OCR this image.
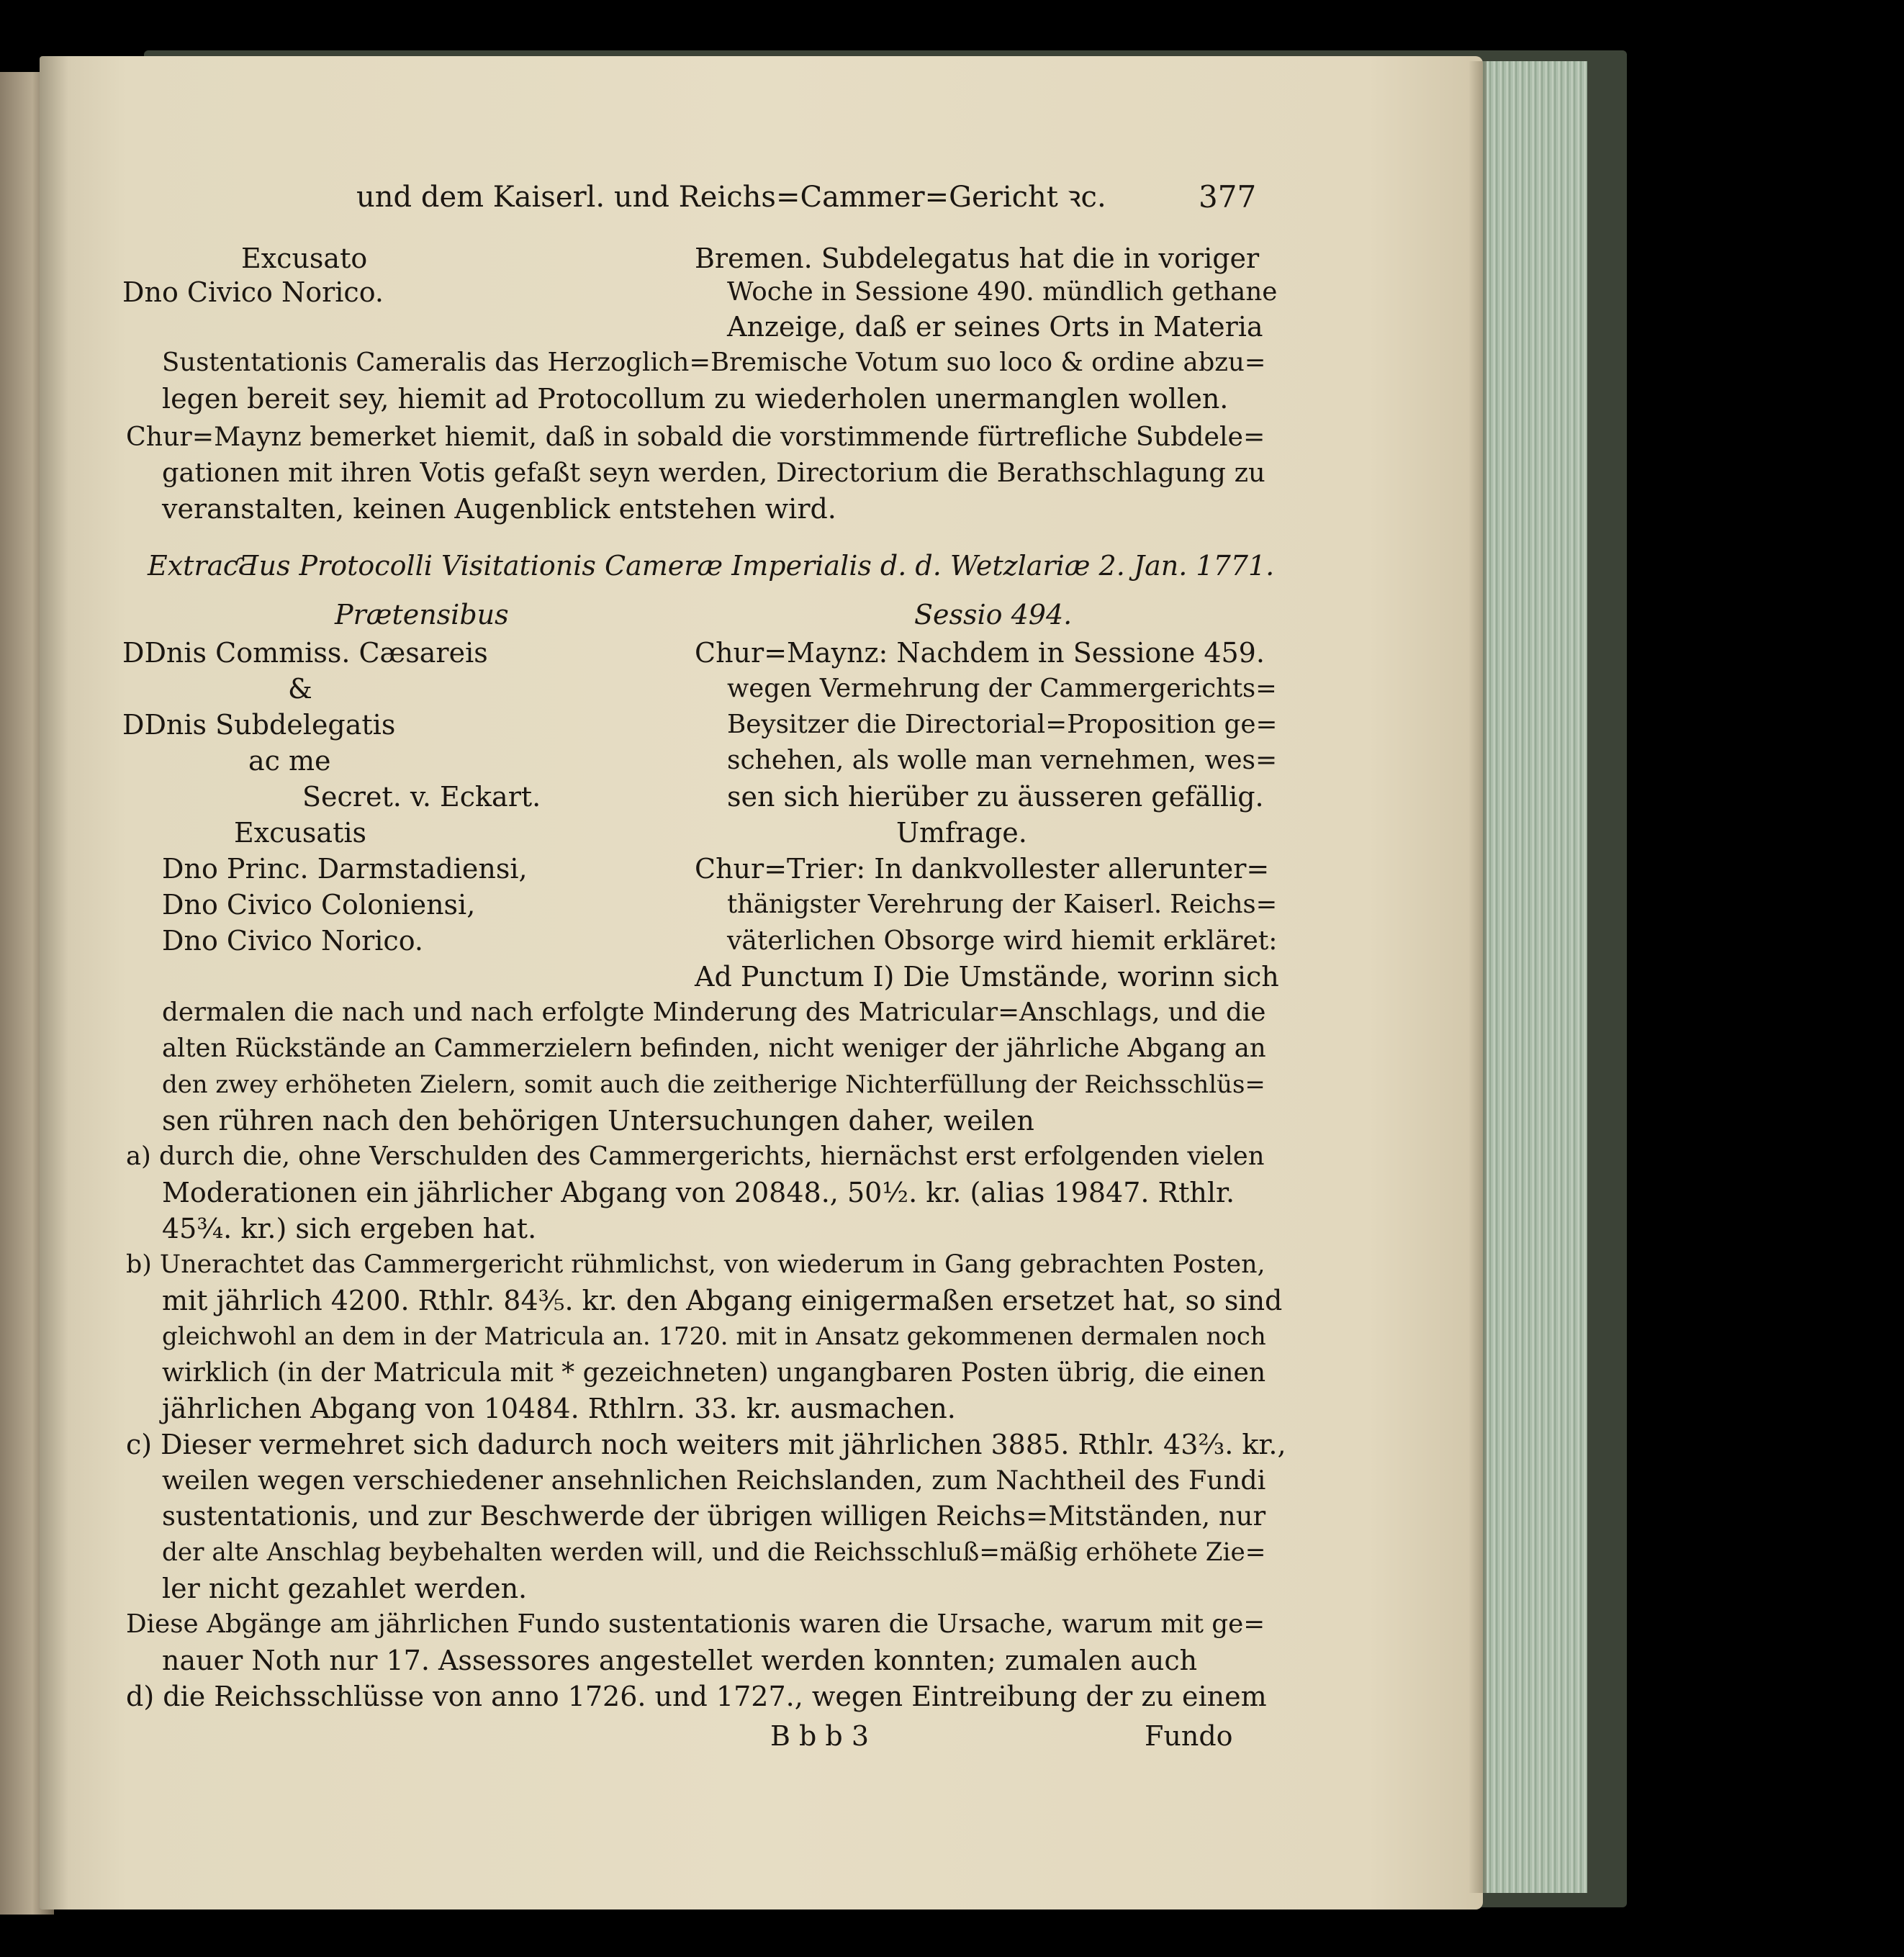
und dem Kaiserl. und Reichs=Cammer=Gericht ꝛc.	377
Excusato
Dno Civico Norico.
Bremen. Subdelegatus hat die in voriger
Woche in Sessione 490. mündlich gethane
Anzeige, daß er seines Orts in Materia
Sustentationis Cameralis das Herzoglich=Bremische Votum suo loco & ordine abzu=
legen bereit sey, hiemit ad Protocollum zu wiederholen unermanglen wollen.
Chur=Maynz bemerket hiemit, daß in sobald die vorstimmende fürtrefliche Subdele=
gationen mit ihren Votis gefaßt seyn werden, Directorium die Berathschlagung zu
veranstalten, keinen Augenblick entstehen wird.
ExtraƈƋus Protocolli Visitationis Cameræ Imperialis d. d. Wetzlariæ 2. Jan. 1771.
Prætensibus
DDnis Commiss. Cæsareis
&
DDnis Subdelegatis
ac me
Secret. v. Eckart.
Excusatis
Dno Princ. Darmstadiensi,
Dno Civico Coloniensi,
Dno Civico Norico.
Sessio 494.
Chur=Maynz: Nachdem in Sessione 459.
wegen Vermehrung der Cammergerichts=
Beysitzer die Directorial=Proposition ge=
schehen, als wolle man vernehmen, wes=
sen sich hierüber zu äusseren gefällig.
Umfrage.
Chur=Trier: In dankvollester allerunter=
thänigster Verehrung der Kaiserl. Reichs=
väterlichen Obsorge wird hiemit erkläret:
Ad Punctum I) Die Umstände, worinn sich
dermalen die nach und nach erfolgte Minderung des Matricular=Anschlags, und die
alten Rückstände an Cammerzielern befinden, nicht weniger der jährliche Abgang an
den zwey erhöheten Zielern, somit auch die zeitherige Nichterfüllung der Reichsschlüs=
sen rühren nach den behörigen Untersuchungen daher, weilen
a) durch die, ohne Verschulden des Cammergerichts, hiernächst erst erfolgenden vielen
Moderationen ein jährlicher Abgang von 20848., 50½. kr. (alias 19847. Rthlr.
45¾. kr.) sich ergeben hat.
b) Unerachtet das Cammergericht rühmlichst, von wiederum in Gang gebrachten Posten,
mit jährlich 4200. Rthlr. 84⅗. kr. den Abgang einigermaßen ersetzet hat, so sind
gleichwohl an dem in der Matricula an. 1720. mit in Ansatz gekommenen dermalen noch
wirklich (in der Matricula mit * gezeichneten) ungangbaren Posten übrig, die einen
jährlichen Abgang von 10484. Rthlrn. 33. kr. ausmachen.
c) Dieser vermehret sich dadurch noch weiters mit jährlichen 3885. Rthlr. 43⅔. kr.,
weilen wegen verschiedener ansehnlichen Reichslanden, zum Nachtheil des Fundi
sustentationis, und zur Beschwerde der übrigen willigen Reichs=Mitständen, nur
der alte Anschlag beybehalten werden will, und die Reichsschluß=mäßig erhöhete Zie=
ler nicht gezahlet werden.
Diese Abgänge am jährlichen Fundo sustentationis waren die Ursache, warum mit ge=
nauer Noth nur 17. Assessores angestellet werden konnten; zumalen auch
d) die Reichsschlüsse von anno 1726. und 1727., wegen Eintreibung der zu einem
B b b 3	Fundo
